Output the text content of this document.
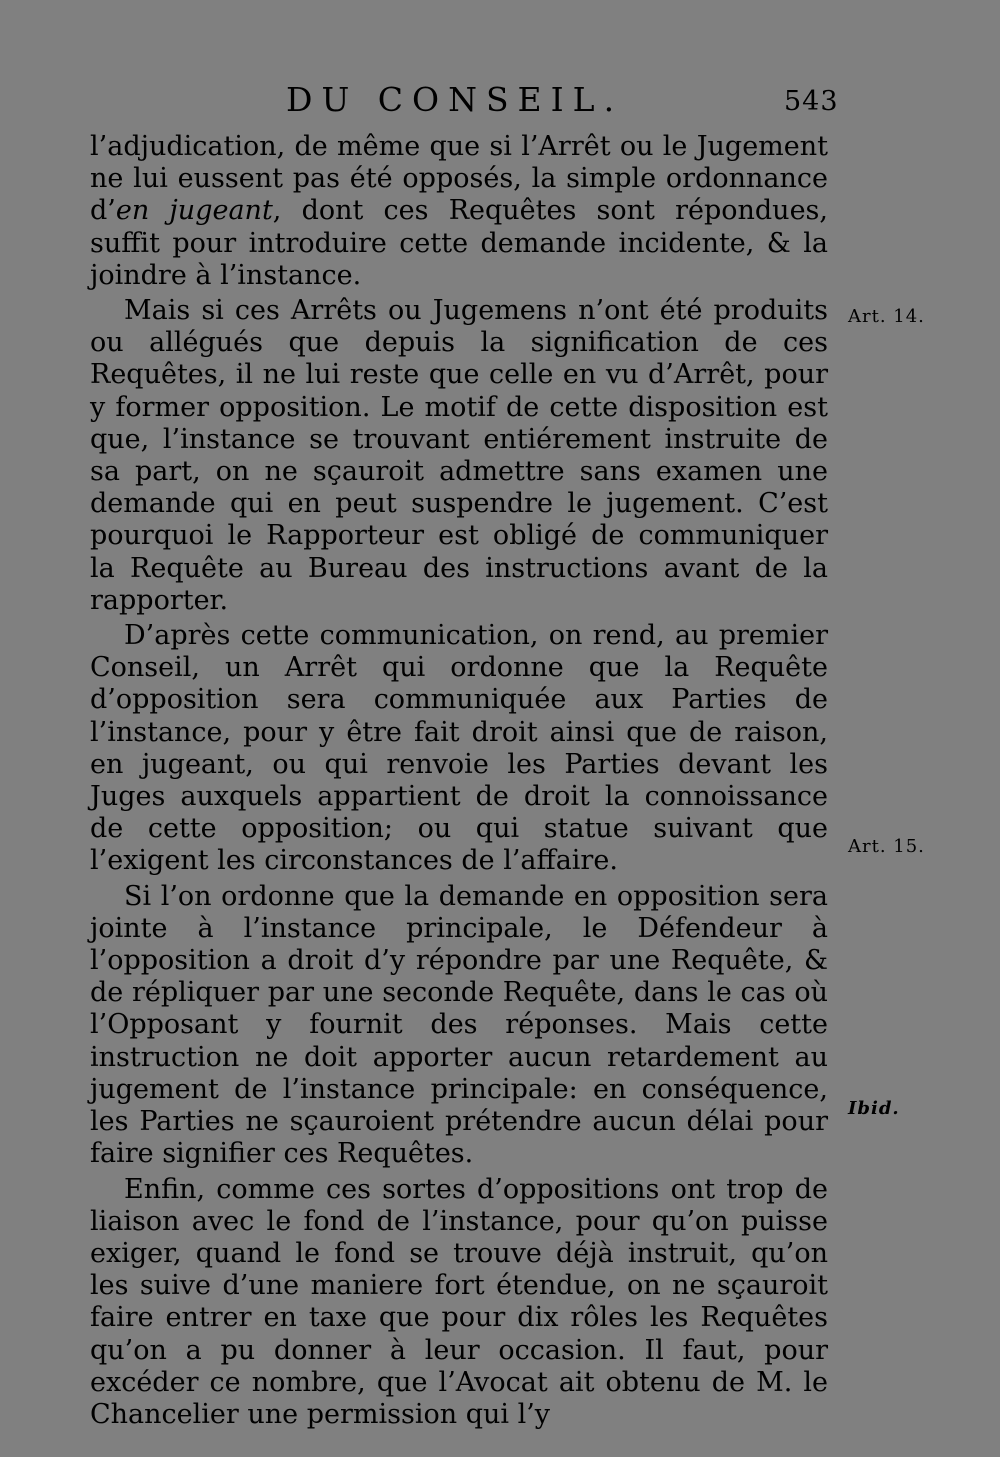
DU CONSEIL.	543

l’adjudication, de même que si l’Arrêt ou le Jugement ne lui eussent pas été opposés, la simple ordonnance d’en jugeant, dont ces Requêtes sont répondues, suffit pour introduire cette demande incidente, & la joindre à l’instance.

Mais si ces Arrêts ou Jugemens n’ont été produits ou allégués que depuis la signification de ces Requêtes, il ne lui reste que celle en vu d’Arrêt, pour y former opposition. Le motif de cette disposition est que, l’instance se trouvant entiérement instruite de sa part, on ne sçauroit admettre sans examen une demande qui en peut suspendre le jugement. C’est pourquoi le Rapporteur est obligé de communiquer la Requête au Bureau des instructions avant de la rapporter.

D’après cette communication, on rend, au premier Conseil, un Arrêt qui ordonne que la Requête d’opposition sera communiquée aux Parties de l’instance, pour y être fait droit ainsi que de raison, en jugeant, ou qui renvoie les Parties devant les Juges auxquels appartient de droit la connoissance de cette opposition; ou qui statue suivant que l’exigent les circonstances de l’affaire.

Si l’on ordonne que la demande en opposition sera jointe à l’instance principale, le Défendeur à l’opposition a droit d’y répondre par une Requête, & de répliquer par une seconde Requête, dans le cas où l’Opposant y fournit des réponses. Mais cette instruction ne doit apporter aucun retardement au jugement de l’instance principale: en conséquence, les Parties ne sçauroient prétendre aucun délai pour faire signifier ces Requêtes.

Enfin, comme ces sortes d’oppositions ont trop de liaison avec le fond de l’instance, pour qu’on puisse exiger, quand le fond se trouve déjà instruit, qu’on les suive d’une maniere fort étendue, on ne sçauroit faire entrer en taxe que pour dix rôles les Requêtes qu’on a pu donner à leur occasion. Il faut, pour excéder ce nombre, que l’Avocat ait obtenu de M. le Chancelier une permission qui l’y

Art. 14.
Art. 15.
Ibid.
